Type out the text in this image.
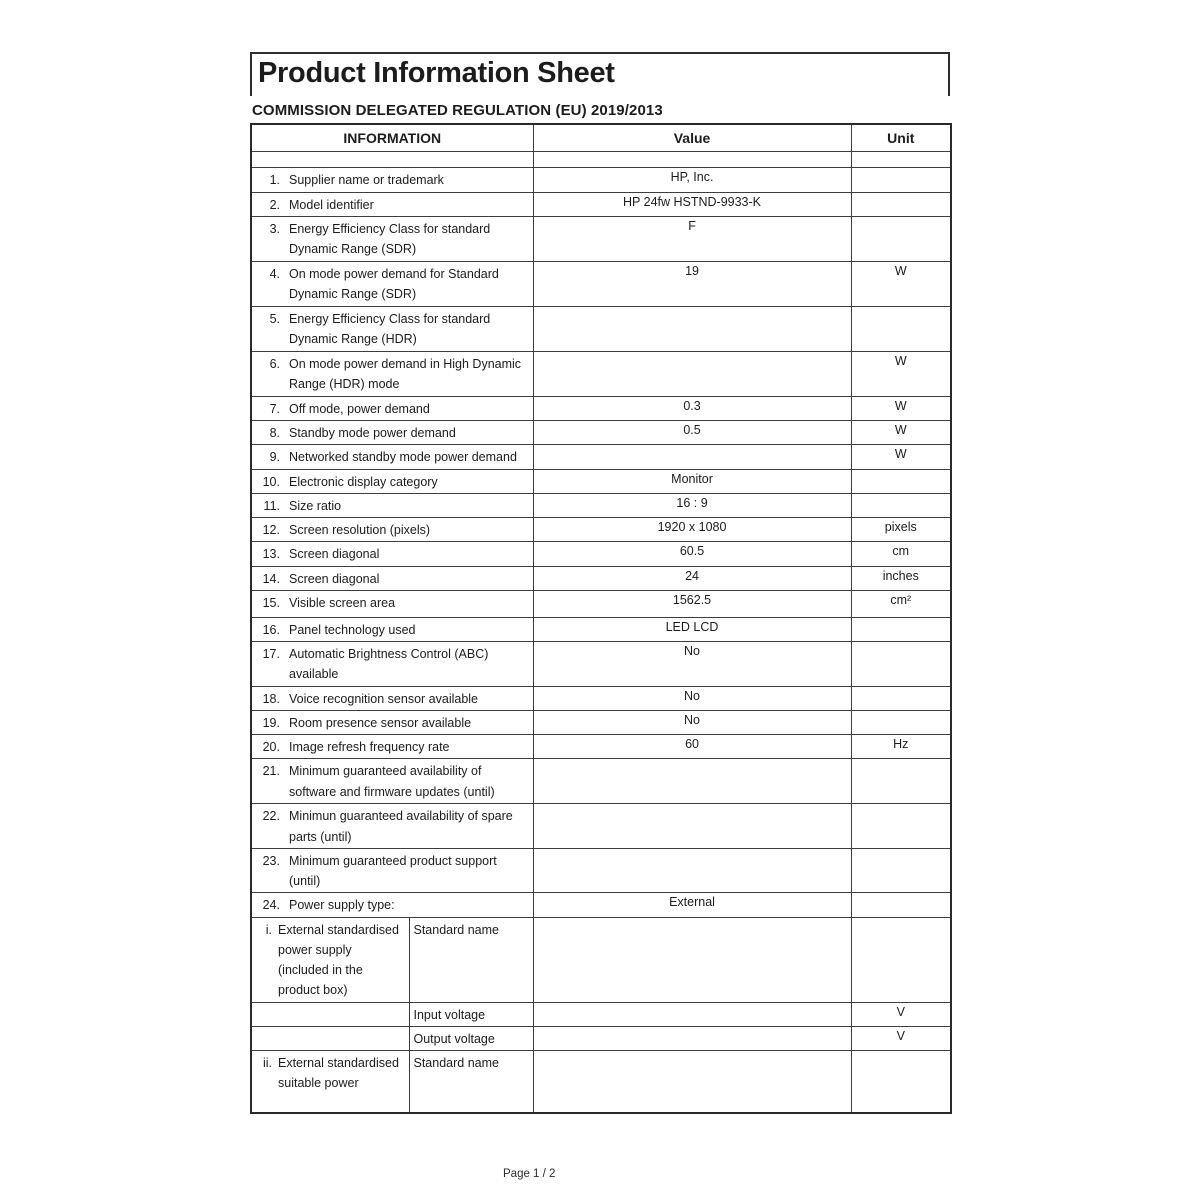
Product Information Sheet
COMMISSION DELEGATED REGULATION (EU) 2019/2013
INFORMATION		Value	Unit

1. Supplier name or trademark		HP, Inc.	
2. Model identifier		HP 24fw HSTND-9933-K	
3. Energy Efficiency Class for standard Dynamic Range (SDR)		F	
4. On mode power demand for Standard Dynamic Range (SDR)		19	W
5. Energy Efficiency Class for standard Dynamic Range (HDR)			
6. On mode power demand in High Dynamic Range (HDR) mode			W
7. Off mode, power demand		0.3	W
8. Standby mode power demand		0.5	W
9. Networked standby mode power demand			W
10. Electronic display category		Monitor	
11. Size ratio		16 : 9	
12. Screen resolution (pixels)		1920 x 1080	pixels
13. Screen diagonal		60.5	cm
14. Screen diagonal		24	inches
15. Visible screen area		1562.5	cm²
16. Panel technology used		LED LCD	
17. Automatic Brightness Control (ABC) available		No	
18. Voice recognition sensor available		No	
19. Room presence sensor available		No	
20. Image refresh frequency rate		60	Hz
21. Minimum guaranteed availability of software and firmware updates (until)			
22. Minimun guaranteed availability of spare parts (until)			
23. Minimum guaranteed product support (until)			
24. Power supply type:		External	
i. External standardised power supply (included in the product box)	Standard name		
	Input voltage		V
	Output voltage		V
ii. External standardised suitable power	Standard name		
Page 1 / 2
